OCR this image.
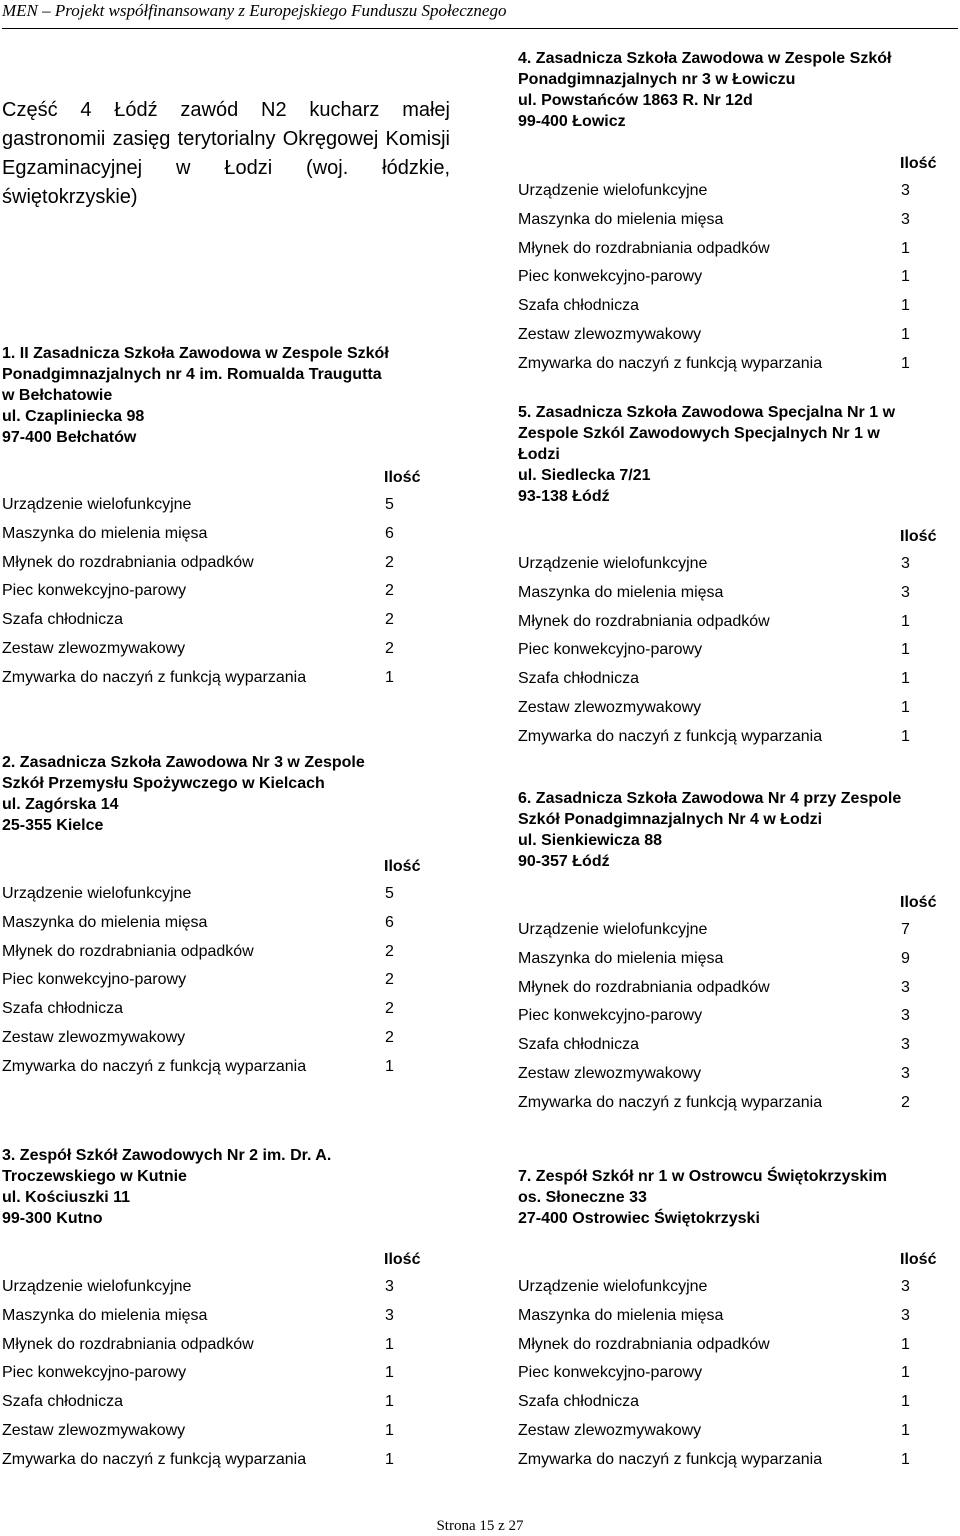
MEN – Projekt współfinansowany z Europejskiego Funduszu Społecznego
Część 4 Łódź zawód N2 kucharz małej gastronomii zasięg terytorialny Okręgowej Komisji Egzaminacyjnej w Łodzi (woj. łódzkie, świętokrzyskie)
1. II Zasadnicza Szkoła Zawodowa w Zespole Szkół
Ponadgimnazjalnych nr 4 im. Romualda Traugutta
w Bełchatowie
ul. Czapliniecka 98
97-400 Bełchatów
Ilość
Urządzenie wielofunkcyjne	5
Maszynka do mielenia mięsa	6
Młynek do rozdrabniania odpadków	2
Piec konwekcyjno-parowy	2
Szafa chłodnicza	2
Zestaw zlewozmywakowy	2
Zmywarka do naczyń z funkcją wyparzania	1
2. Zasadnicza Szkoła Zawodowa Nr 3 w Zespole
Szkół Przemysłu Spożywczego w Kielcach
ul. Zagórska 14
25-355 Kielce
Ilość
Urządzenie wielofunkcyjne	5
Maszynka do mielenia mięsa	6
Młynek do rozdrabniania odpadków	2
Piec konwekcyjno-parowy	2
Szafa chłodnicza	2
Zestaw zlewozmywakowy	2
Zmywarka do naczyń z funkcją wyparzania	1
3. Zespół Szkół Zawodowych Nr 2 im. Dr. A.
Troczewskiego w Kutnie
ul. Kościuszki 11
99-300 Kutno
Ilość
Urządzenie wielofunkcyjne	3
Maszynka do mielenia mięsa	3
Młynek do rozdrabniania odpadków	1
Piec konwekcyjno-parowy	1
Szafa chłodnicza	1
Zestaw zlewozmywakowy	1
Zmywarka do naczyń z funkcją wyparzania	1
4. Zasadnicza Szkoła Zawodowa w Zespole Szkół
Ponadgimnazjalnych nr 3 w Łowiczu
ul. Powstańców 1863 R. Nr 12d
99-400 Łowicz
Ilość
Urządzenie wielofunkcyjne	3
Maszynka do mielenia mięsa	3
Młynek do rozdrabniania odpadków	1
Piec konwekcyjno-parowy	1
Szafa chłodnicza	1
Zestaw zlewozmywakowy	1
Zmywarka do naczyń z funkcją wyparzania	1
5. Zasadnicza Szkoła Zawodowa Specjalna Nr 1 w
Zespole Szkól Zawodowych Specjalnych Nr 1 w
Łodzi
ul. Siedlecka 7/21
93-138 Łódź
Ilość
Urządzenie wielofunkcyjne	3
Maszynka do mielenia mięsa	3
Młynek do rozdrabniania odpadków	1
Piec konwekcyjno-parowy	1
Szafa chłodnicza	1
Zestaw zlewozmywakowy	1
Zmywarka do naczyń z funkcją wyparzania	1
6. Zasadnicza Szkoła Zawodowa Nr 4 przy Zespole
Szkół Ponadgimnazjalnych Nr 4 w Łodzi
ul. Sienkiewicza 88
90-357 Łódź
Ilość
Urządzenie wielofunkcyjne	7
Maszynka do mielenia mięsa	9
Młynek do rozdrabniania odpadków	3
Piec konwekcyjno-parowy	3
Szafa chłodnicza	3
Zestaw zlewozmywakowy	3
Zmywarka do naczyń z funkcją wyparzania	2
7. Zespół Szkół nr 1 w Ostrowcu Świętokrzyskim
os. Słoneczne 33
27-400 Ostrowiec Świętokrzyski
Ilość
Urządzenie wielofunkcyjne	3
Maszynka do mielenia mięsa	3
Młynek do rozdrabniania odpadków	1
Piec konwekcyjno-parowy	1
Szafa chłodnicza	1
Zestaw zlewozmywakowy	1
Zmywarka do naczyń z funkcją wyparzania	1
Strona 15 z 27
